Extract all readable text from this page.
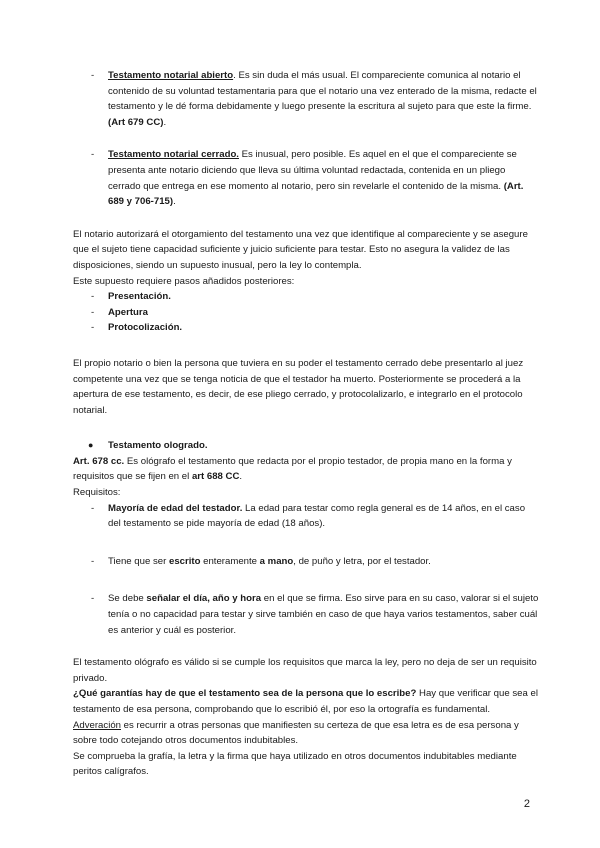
- Testamento notarial abierto. Es sin duda el más usual. El compareciente comunica al notario el contenido de su voluntad testamentaria para que el notario una vez enterado de la misma, redacte el testamento y le dé forma debidamente y luego presente la escritura al sujeto para que este la firme. (Art 679 CC).

- Testamento notarial cerrado. Es inusual, pero posible. Es aquel en el que el compareciente se presenta ante notario diciendo que lleva su última voluntad redactada, contenida en un pliego cerrado que entrega en ese momento al notario, pero sin revelarle el contenido de la misma. (Art. 689 y 706-715).

El notario autorizará el otorgamiento del testamento una vez que identifique al compareciente y se asegure que el sujeto tiene capacidad suficiente y juicio suficiente para testar. Esto no asegura la validez de las disposiciones, siendo un supuesto inusual, pero la ley lo contempla.

Este supuesto requiere pasos añadidos posteriores:

- Presentación.
- Apertura
- Protocolización.

El propio notario o bien la persona que tuviera en su poder el testamento cerrado debe presentarlo al juez competente una vez que se tenga noticia de que el testador ha muerto. Posteriormente se procederá a la apertura de ese testamento, es decir, de ese pliego cerrado, y protocolalizarlo, e integrarlo en el protocolo notarial.

● Testamento ologrado.

Art. 678 cc. Es ológrafo el testamento que redacta por el propio testador, de propia mano en la forma y requisitos que se fijen en el art 688 CC.

Requisitos:

- Mayoría de edad del testador. La edad para testar como regla general es de 14 años, en el caso del testamento se pide mayoría de edad (18 años).

- Tiene que ser escrito enteramente a mano, de puño y letra, por el testador.

- Se debe señalar el día, año y hora en el que se firma. Eso sirve para en su caso, valorar si el sujeto tenía o no capacidad para testar y sirve también en caso de que haya varios testamentos, saber cuál es anterior y cuál es posterior.

El testamento ológrafo es válido si se cumple los requisitos que marca la ley, pero no deja de ser un requisito privado.

¿Qué garantías hay de que el testamento sea de la persona que lo escribe? Hay que verificar que sea el testamento de esa persona, comprobando que lo escribió él, por eso la ortografía es fundamental.

Adveración es recurrir a otras personas que manifiesten su certeza de que esa letra es de esa persona y sobre todo cotejando otros documentos indubitables.

Se comprueba la grafía, la letra y la firma que haya utilizado en otros documentos indubitables mediante peritos calígrafos.

2
